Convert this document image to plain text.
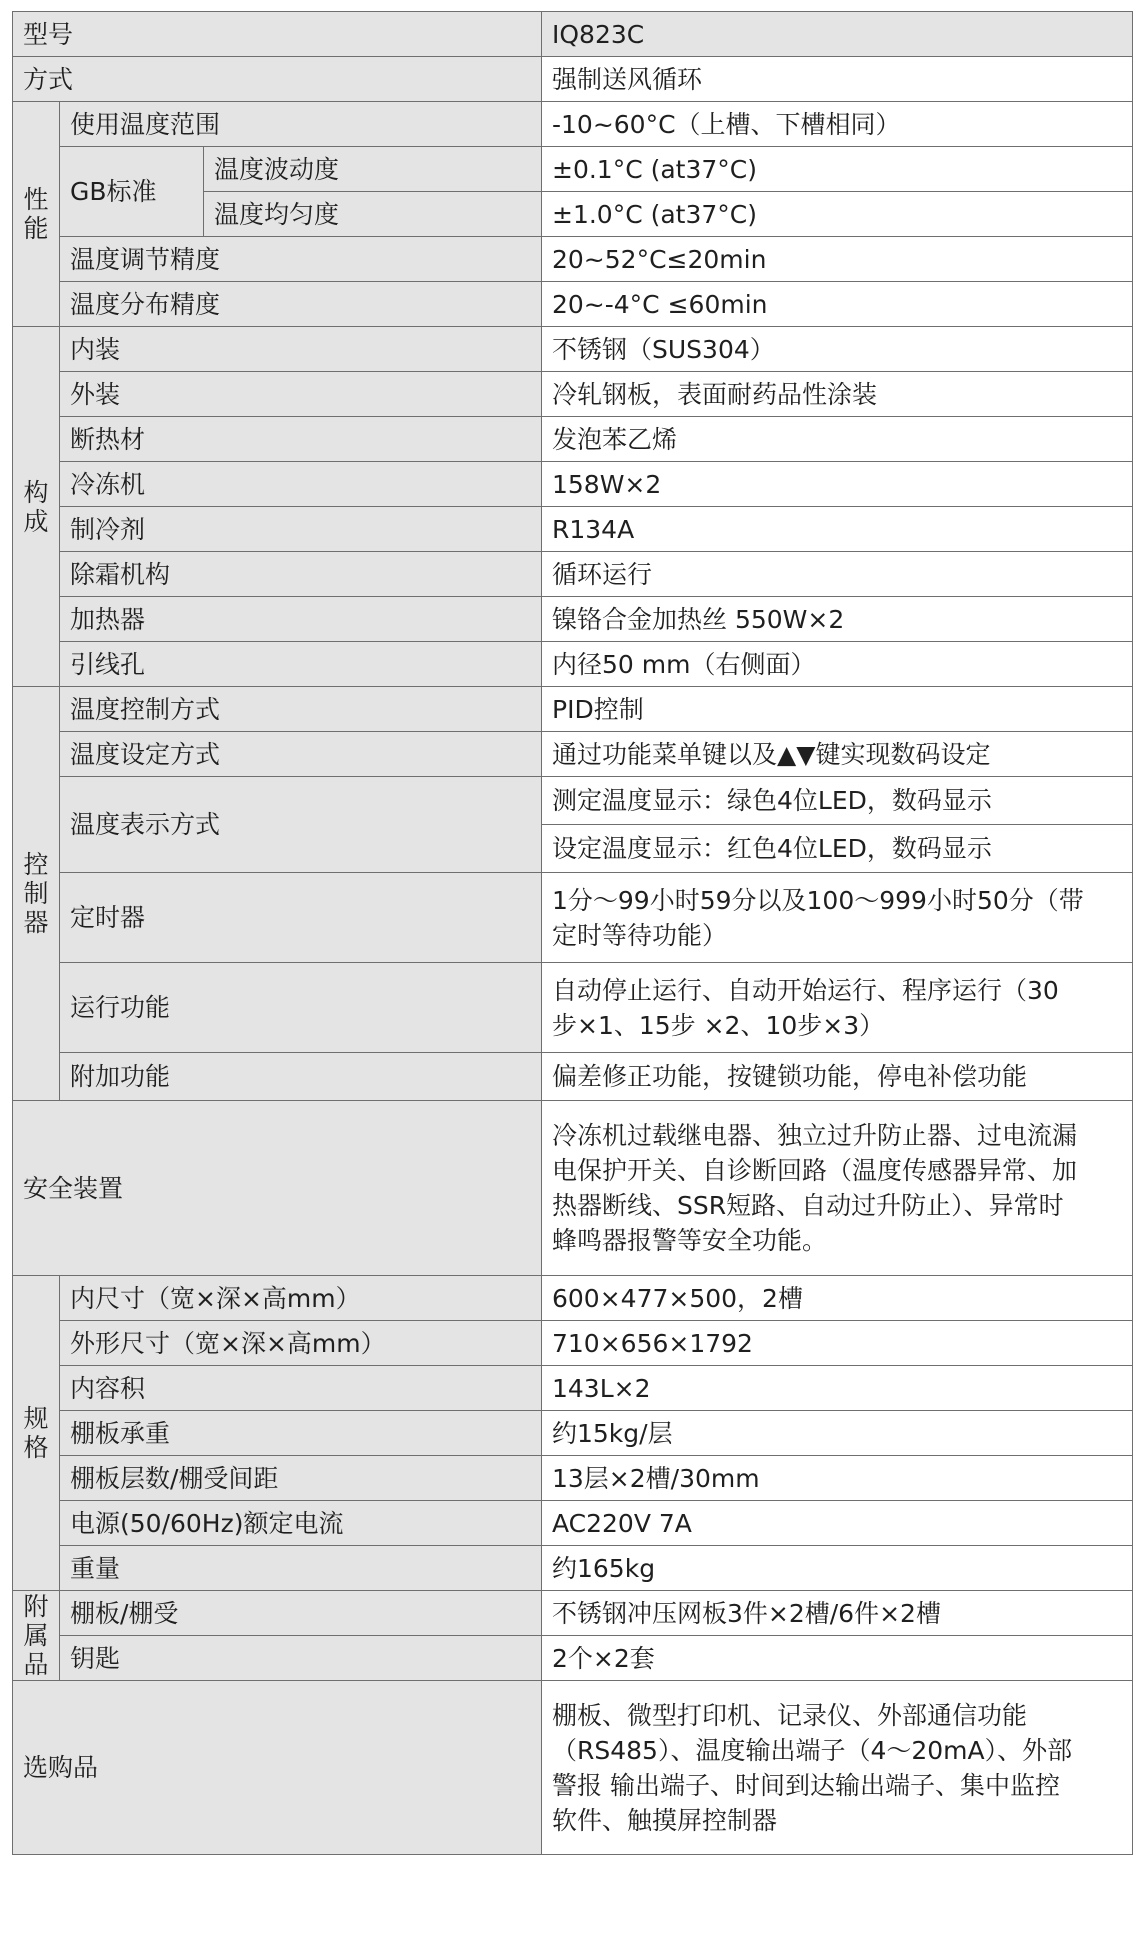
型号			IQ823C
方式			强制送风循环

性
能	使用温度范围		-10~60°C（上槽、下槽相同）
	GB标准	温度波动度	±0.1°C (at37°C)
		温度均匀度	±1.0°C (at37°C)
	温度调节精度		20~52°C≤20min
	温度分布精度		20~-4°C ≤60min

构
成	内装		不锈钢（SUS304）
	外装		冷轧钢板，表面耐药品性涂装
	断热材		发泡苯乙烯
	冷冻机		158W×2
	制冷剂		R134A
	除霜机构		循环运行
	加热器		镍铬合金加热丝 550W×2
	引线孔		内径50 mm（右侧面）

控
制
器	温度控制方式		PID控制
	温度设定方式		通过功能菜单键以及▲▼键实现数码设定
	温度表示方式		测定温度显示：绿色4位LED，数码显示
			设定温度显示：红色4位LED，数码显示
	定时器		1分～99小时59分以及100～999小时50分（带
定时等待功能）

	运行功能		自动停止运行、自动开始运行、程序运行（30
步×1、15步 ×2、10步×3）

	附加功能		偏差修正功能，按键锁功能，停电补偿功能
安全装置			冷冻机过载继电器、独立过升防止器、过电流漏
电保护开关、自诊断回路（温度传感器异常、加
热器断线、SSR短路、自动过升防止）、异常时
蜂鸣器报警等安全功能。

规
格	内尺寸（宽×深×高mm）		600×477×500，2槽
	外形尺寸（宽×深×高mm）		710×656×1792
	内容积		143L×2
	棚板承重		约15kg/层
	棚板层数/棚受间距		13层×2槽/30mm
	电源(50/60Hz)额定电流		AC220V 7A
	重量		约165kg

附
属
品	棚板/棚受		不锈钢冲压网板3件×2槽/6件×2槽
	钥匙		2个×2套
选购品			棚板、微型打印机、记录仪、外部通信功能
（RS485）、温度输出端子（4～20mA）、外部
警报 输出端子、时间到达输出端子、集中监控
软件、触摸屏控制器
